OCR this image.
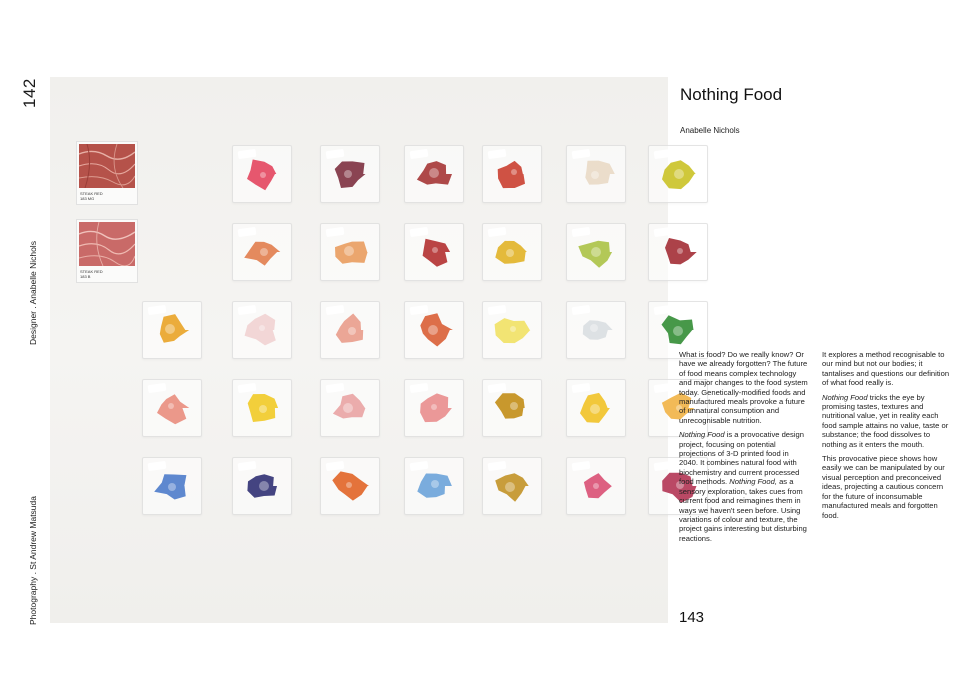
142
Designer . Anabelle Nichols
Photography . St Andrew Matsuda
STEAK RED
183 MG
STEAK RED
183 B
Nothing Food
Anabelle Nichols

What is food? Do we really know? Or have we already forgotten? The future of food means complex technology and major changes to the food system today. Genetically-modified foods and manufactured meals provoke a future of unnatural consumption and unrecognisable nutrition.

Nothing Food is a provocative design project, focusing on potential projections of 3-D printed food in 2040. It combines natural food with biochemistry and current processed food methods. Nothing Food, as a sensory exploration, takes cues from current food and reimagines them in ways we haven't seen before. Using variations of colour and texture, the project gains interesting but disturbing reactions.

It explores a method recognisable to our mind but not our bodies; it tantalises and questions our definition of what food really is.

Nothing Food tricks the eye by promising tastes, textures and nutritional value, yet in reality each food sample attains no value, taste or substance; the food dissolves to nothing as it enters the mouth.

This provocative piece shows how easily we can be manipulated by our visual perception and preconceived ideas, projecting a cautious concern for the future of inconsumable manufactured meals and forgotten food.

143
